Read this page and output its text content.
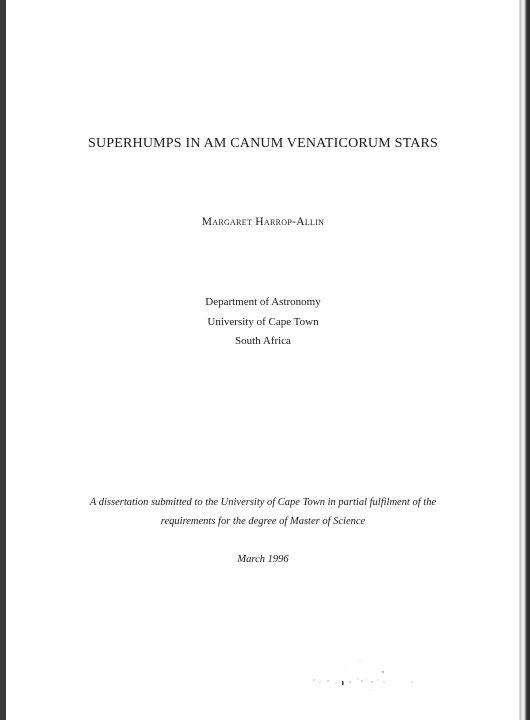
SUPERHUMPS IN AM CANUM VENATICORUM STARS
Margaret Harrop-Allin
Department of Astronomy
University of Cape Town
South Africa
A dissertation submitted to the University of Cape Town in partial fulfilment of the
requirements for the degree of Master of Science
March 1996
